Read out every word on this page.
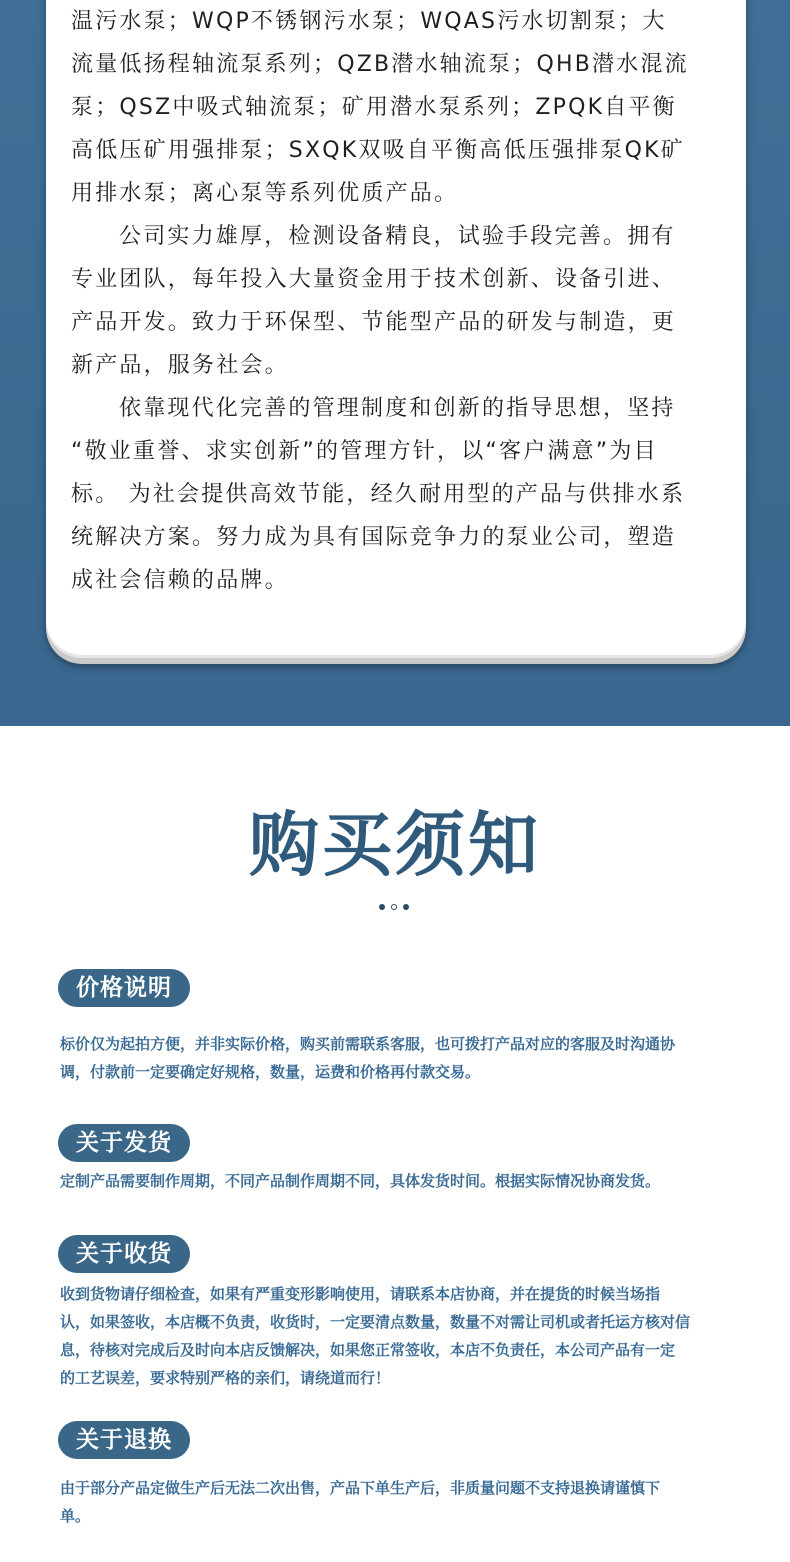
温污水泵；WQP不锈钢污水泵；WQAS污水切割泵；大

流量低扬程轴流泵系列；QZB潜水轴流泵；QHB潜水混流

泵；QSZ中吸式轴流泵；矿用潜水泵系列；ZPQK自平衡

高低压矿用强排泵；SXQK双吸自平衡高低压强排泵QK矿

用排水泵；离心泵等系列优质产品。

公司实力雄厚，检测设备精良，试验手段完善。拥有

专业团队，每年投入大量资金用于技术创新、设备引进、

产品开发。致力于环保型、节能型产品的研发与制造，更

新产品，服务社会。

依靠现代化完善的管理制度和创新的指导思想，坚持

“敬业重誉、求实创新”的管理方针，以“客户满意”为目

标。 为社会提供高效节能，经久耐用型的产品与供排水系

统解决方案。努力成为具有国际竞争力的泵业公司，塑造

成社会信赖的品牌。

购买须知
价格说明

标价仅为起拍方便，并非实际价格，购买前需联系客服，也可拨打产品对应的客服及时沟通协

调，付款前一定要确定好规格，数量，运费和价格再付款交易。

关于发货

定制产品需要制作周期，不同产品制作周期不同，具体发货时间。根据实际情况协商发货。

关于收货

收到货物请仔细检查，如果有严重变形影响使用，请联系本店协商，并在提货的时候当场指

认，如果签收，本店概不负责，收货时，一定要清点数量，数量不对需让司机或者托运方核对信

息，待核对完成后及时向本店反馈解决，如果您正常签收，本店不负责任，本公司产品有一定

的工艺误差，要求特别严格的亲们，请绕道而行！

关于退换

由于部分产品定做生产后无法二次出售，产品下单生产后，非质量问题不支持退换请谨慎下

单。
